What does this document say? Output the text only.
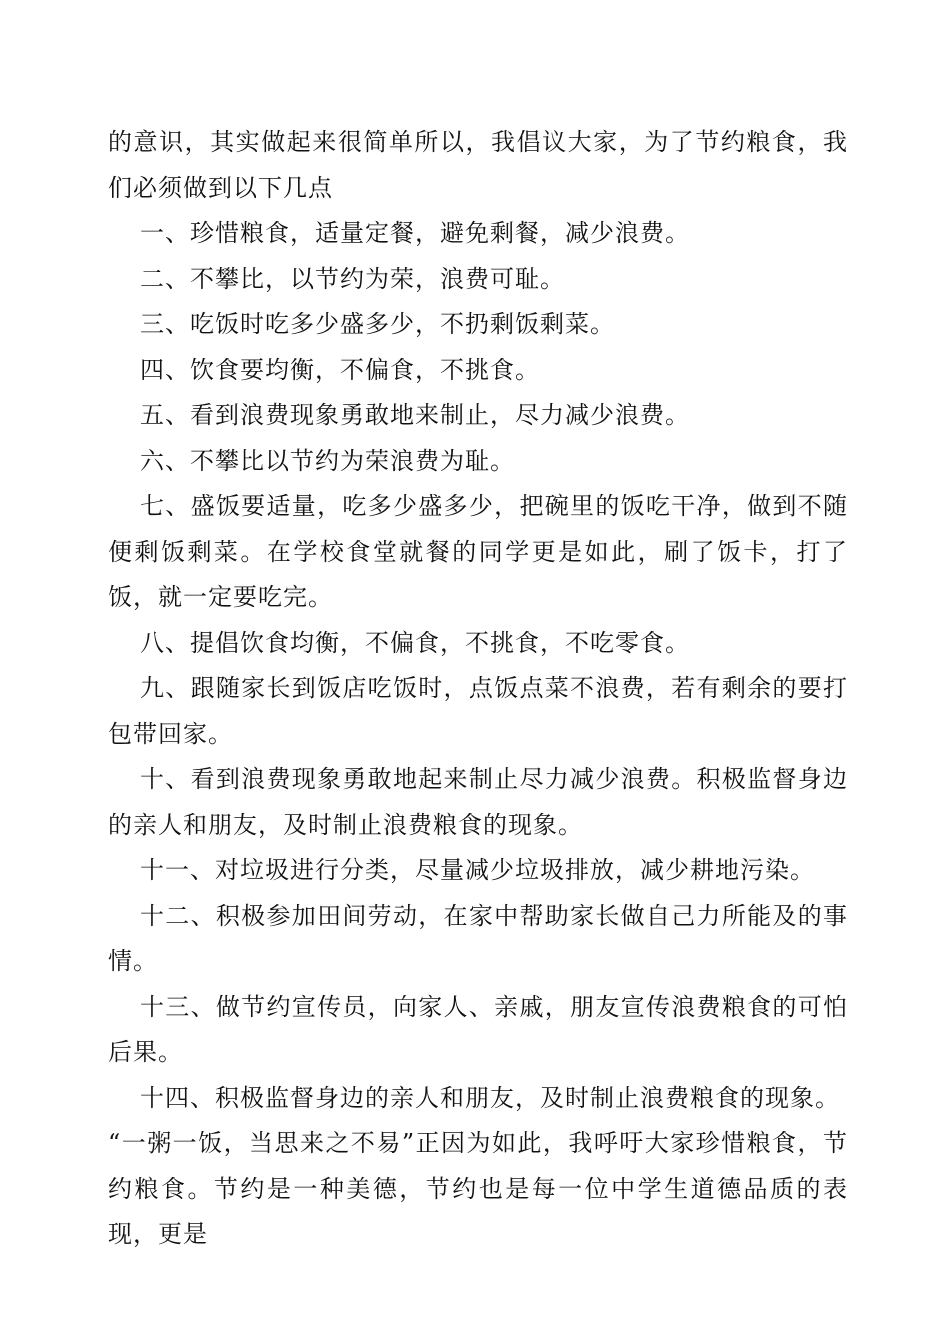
的意识，其实做起来很简单所以，我倡议大家，为了节约粮食，我们必须做到以下几点

一、珍惜粮食，适量定餐，避免剩餐，减少浪费。

二、不攀比，以节约为荣，浪费可耻。

三、吃饭时吃多少盛多少，不扔剩饭剩菜。

四、饮食要均衡，不偏食，不挑食。

五、看到浪费现象勇敢地来制止，尽力减少浪费。

六、不攀比以节约为荣浪费为耻。

七、盛饭要适量，吃多少盛多少，把碗里的饭吃干净，做到不随便剩饭剩菜。在学校食堂就餐的同学更是如此，刷了饭卡，打了饭，就一定要吃完。

八、提倡饮食均衡，不偏食，不挑食，不吃零食。

九、跟随家长到饭店吃饭时，点饭点菜不浪费，若有剩余的要打包带回家。

十、看到浪费现象勇敢地起来制止尽力减少浪费。积极监督身边的亲人和朋友，及时制止浪费粮食的现象。

十一、对垃圾进行分类，尽量减少垃圾排放，减少耕地污染。

十二、积极参加田间劳动，在家中帮助家长做自己力所能及的事情。

十三、做节约宣传员，向家人、亲戚，朋友宣传浪费粮食的可怕后果。

十四、积极监督身边的亲人和朋友，及时制止浪费粮食的现象。

“一粥一饭，当思来之不易”正因为如此，我呼吁大家珍惜粮食，节约粮食。节约是一种美德，节约也是每一位中学生道德品质的表现，更是
